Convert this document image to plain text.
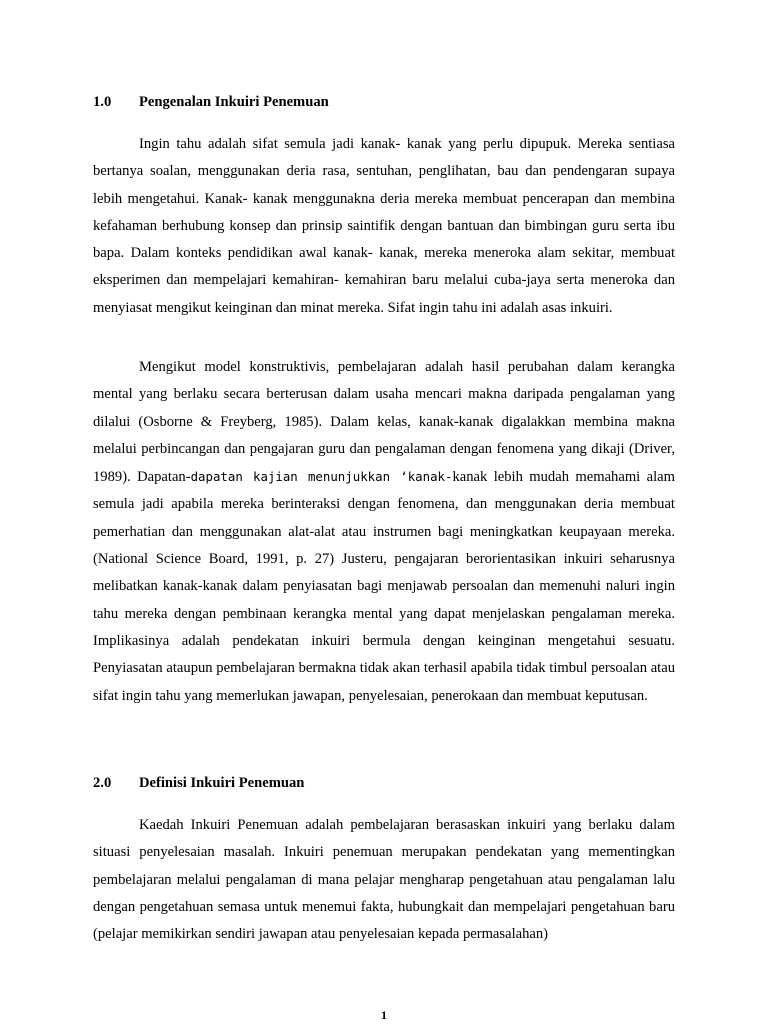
1.0 Pengenalan Inkuiri Penemuan

Ingin tahu adalah sifat semula jadi kanak- kanak yang perlu dipupuk. Mereka sentiasa bertanya soalan, menggunakan deria rasa, sentuhan, penglihatan, bau dan pendengaran supaya lebih mengetahui. Kanak- kanak menggunakna deria mereka membuat pencerapan dan membina kefahaman berhubung konsep dan prinsip saintifik dengan bantuan dan bimbingan guru serta ibu bapa. Dalam konteks pendidikan awal kanak- kanak, mereka meneroka alam sekitar, membuat eksperimen dan mempelajari kemahiran- kemahiran baru melalui cuba-jaya serta meneroka dan menyiasat mengikut keinginan dan minat mereka. Sifat ingin tahu ini adalah asas inkuiri.

Mengikut model konstruktivis, pembelajaran adalah hasil perubahan dalam kerangka mental yang berlaku secara berterusan dalam usaha mencari makna daripada pengalaman yang dilalui (Osborne & Freyberg, 1985). Dalam kelas, kanak-kanak digalakkan membina makna melalui perbincangan dan pengajaran guru dan pengalaman dengan fenomena yang dikaji (Driver, 1989). Dapatan-dapatan kajian menunjukkan ‘kanak-kanak lebih mudah memahami alam semula jadi apabila mereka berinteraksi dengan fenomena, dan menggunakan deria membuat pemerhatian dan menggunakan alat-alat atau instrumen bagi meningkatkan keupayaan mereka. (National Science Board, 1991, p. 27) Justeru, pengajaran berorientasikan inkuiri seharusnya melibatkan kanak-kanak dalam penyiasatan bagi menjawab persoalan dan memenuhi naluri ingin tahu mereka dengan pembinaan kerangka mental yang dapat menjelaskan pengalaman mereka. Implikasinya adalah pendekatan inkuiri bermula dengan keinginan mengetahui sesuatu. Penyiasatan ataupun pembelajaran bermakna tidak akan terhasil apabila tidak timbul persoalan atau sifat ingin tahu yang memerlukan jawapan, penyelesaian, penerokaan dan membuat keputusan.

2.0 Definisi Inkuiri Penemuan

Kaedah Inkuiri Penemuan adalah pembelajaran berasaskan inkuiri yang berlaku dalam situasi penyelesaian masalah. Inkuiri penemuan merupakan pendekatan yang mementingkan pembelajaran melalui pengalaman di mana pelajar mengharap pengetahuan atau pengalaman lalu dengan pengetahuan semasa untuk menemui fakta, hubungkait dan mempelajari pengetahuan baru (pelajar memikirkan sendiri jawapan atau penyelesaian kepada permasalahan)

1
